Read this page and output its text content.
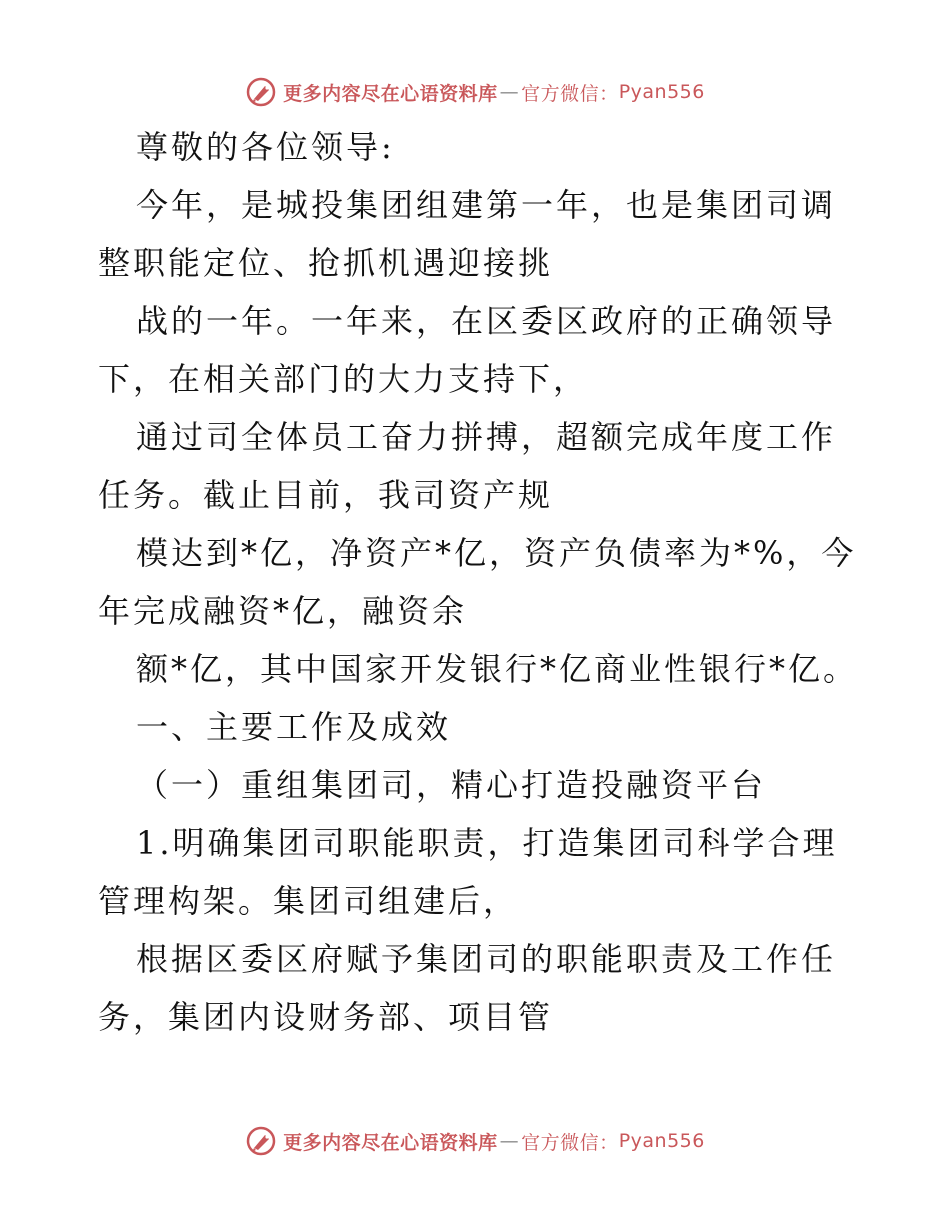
更多内容尽在心语资料库 — 官方微信： Pyan556

尊敬的各位领导:

今年，是城投集团组建第一年，也是集团司调整职能定位、抢抓机遇迎接挑

战的一年。一年来，在区委区政府的正确领导下，在相关部门的大力支持下，

通过司全体员工奋力拼搏，超额完成年度工作任务。截止目前，我司资产规

模达到*亿，净资产*亿，资产负债率为*%，今年完成融资*亿，融资余

额*亿，其中国家开发银行*亿商业性银行*亿。

一、主要工作及成效

（一）重组集团司，精心打造投融资平台

1.明确集团司职能职责，打造集团司科学合理管理构架。集团司组建后，

根据区委区府赋予集团司的职能职责及工作任务，集团内设财务部、项目管

更多内容尽在心语资料库 — 官方微信： Pyan556
